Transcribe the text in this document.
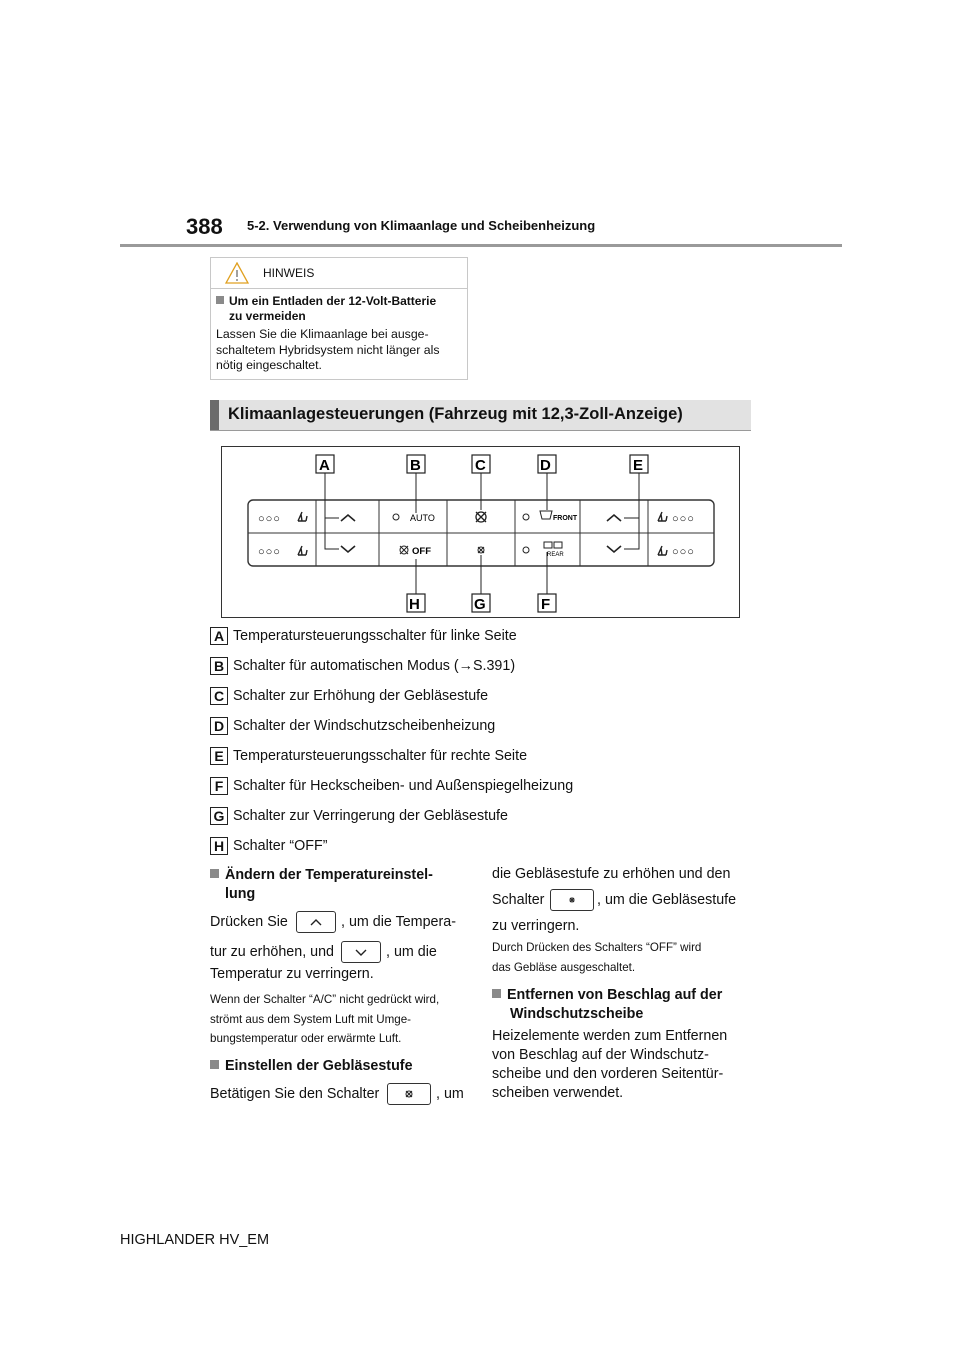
388 5-2. Verwendung von Klimaanlage und Scheibenheizung
HINWEIS
Um ein Entladen der 12-Volt-Batterie
zu vermeiden
Lassen Sie die Klimaanlage bei ausge-
schaltetem Hybridsystem nicht länger als
nötig eingeschaltet.
Klimaanlagesteuerungen (Fahrzeug mit 12,3-Zoll-Anzeige)
○○○
○○○
AUTO
OFF
FRONT
REAR
○○○
○○○
A	B	C	D	E
H	G	F
A Temperatursteuerungsschalter für linke Seite
B Schalter für automatischen Modus (→S.391)
C Schalter zur Erhöhung der Gebläsestufe
D Schalter der Windschutzscheibenheizung
E Temperatursteuerungsschalter für rechte Seite
F Schalter für Heckscheiben- und Außenspiegelheizung
G Schalter zur Verringerung der Gebläsestufe
H Schalter “OFF”
Ändern der Temperatureinstel-
lung
Drücken Sie	, um die Tempera-
tur zu erhöhen, und	, um die
Temperatur zu verringern.
Wenn der Schalter “A/C” nicht gedrückt wird,
strömt aus dem System Luft mit Umge-
bungstemperatur oder erwärmte Luft.
Einstellen der Gebläsestufe
Betätigen Sie den Schalter	, um
die Gebläsestufe zu erhöhen und den
Schalter	, um die Gebläsestufe
zu verringern.
Durch Drücken des Schalters “OFF” wird
das Gebläse ausgeschaltet.
Entfernen von Beschlag auf der
Windschutzscheibe
Heizelemente werden zum Entfernen
von Beschlag auf der Windschutz-
scheibe und den vorderen Seitentür-
scheiben verwendet.
HIGHLANDER HV_EM
